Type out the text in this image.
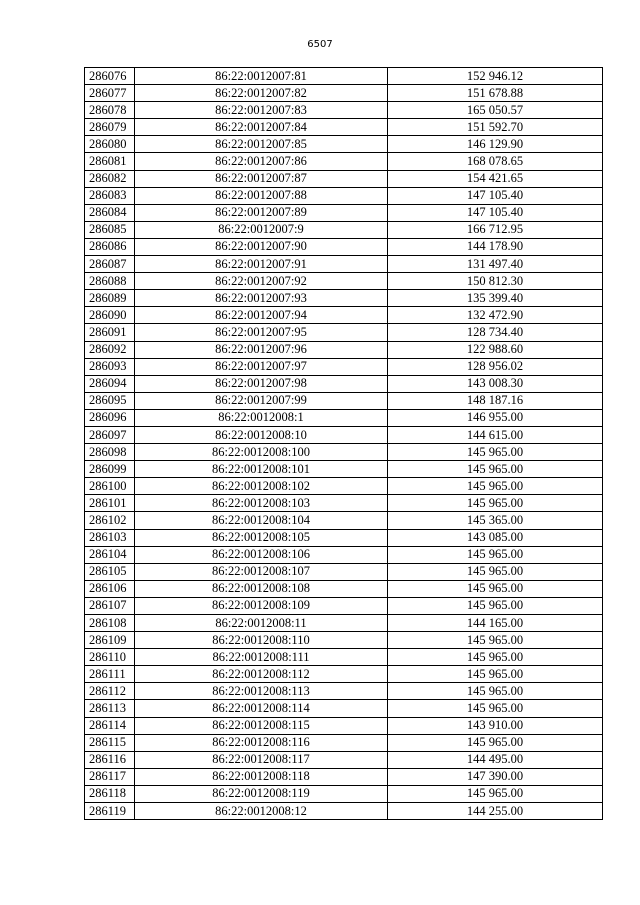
6507
286076	86:22:0012007:81	152 946.12
286077	86:22:0012007:82	151 678.88
286078	86:22:0012007:83	165 050.57
286079	86:22:0012007:84	151 592.70
286080	86:22:0012007:85	146 129.90
286081	86:22:0012007:86	168 078.65
286082	86:22:0012007:87	154 421.65
286083	86:22:0012007:88	147 105.40
286084	86:22:0012007:89	147 105.40
286085	86:22:0012007:9	166 712.95
286086	86:22:0012007:90	144 178.90
286087	86:22:0012007:91	131 497.40
286088	86:22:0012007:92	150 812.30
286089	86:22:0012007:93	135 399.40
286090	86:22:0012007:94	132 472.90
286091	86:22:0012007:95	128 734.40
286092	86:22:0012007:96	122 988.60
286093	86:22:0012007:97	128 956.02
286094	86:22:0012007:98	143 008.30
286095	86:22:0012007:99	148 187.16
286096	86:22:0012008:1	146 955.00
286097	86:22:0012008:10	144 615.00
286098	86:22:0012008:100	145 965.00
286099	86:22:0012008:101	145 965.00
286100	86:22:0012008:102	145 965.00
286101	86:22:0012008:103	145 965.00
286102	86:22:0012008:104	145 365.00
286103	86:22:0012008:105	143 085.00
286104	86:22:0012008:106	145 965.00
286105	86:22:0012008:107	145 965.00
286106	86:22:0012008:108	145 965.00
286107	86:22:0012008:109	145 965.00
286108	86:22:0012008:11	144 165.00
286109	86:22:0012008:110	145 965.00
286110	86:22:0012008:111	145 965.00
286111	86:22:0012008:112	145 965.00
286112	86:22:0012008:113	145 965.00
286113	86:22:0012008:114	145 965.00
286114	86:22:0012008:115	143 910.00
286115	86:22:0012008:116	145 965.00
286116	86:22:0012008:117	144 495.00
286117	86:22:0012008:118	147 390.00
286118	86:22:0012008:119	145 965.00
286119	86:22:0012008:12	144 255.00
